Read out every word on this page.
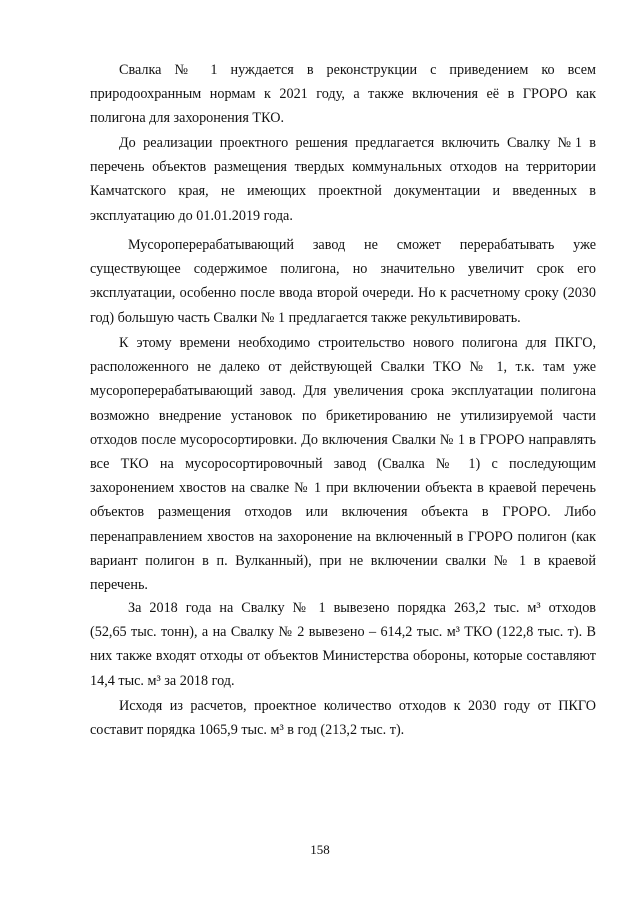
Свалка № 1 нуждается в реконструкции с приведением ко всем
природоохранным нормам к 2021 году, а также включения её в ГРОРО как
полигона для захоронения ТКО.
До реализации проектного решения предлагается включить Свалку №1 в
перечень объектов размещения твердых коммунальных отходов на территории
Камчатского края, не имеющих проектной документации и введенных в
эксплуатацию до 01.01.2019 года.
Мусороперерабатывающий завод не сможет перерабатывать уже
существующее содержимое полигона, но значительно увеличит срок его
эксплуатации, особенно после ввода второй очереди. Но к расчетному сроку (2030
год) большую часть Свалки № 1 предлагается также рекультивировать.
К этому времени необходимо строительство нового полигона для ПКГО,
расположенного не далеко от действующей Свалки ТКО № 1, т.к. там уже
мусороперерабатывающий завод. Для увеличения срока эксплуатации полигона
возможно внедрение установок по брикетированию не утилизируемой части
отходов после мусоросортировки. До включения Свалки № 1 в ГРОРО направлять
все ТКО на мусоросортировочный завод (Свалка № 1) с последующим
захоронением хвостов на свалке № 1 при включении объекта в краевой перечень
объектов размещения отходов или включения объекта в ГРОРО. Либо
перенаправлением хвостов на захоронение на включенный в ГРОРО полигон (как
вариант полигон в п. Вулканный), при не включении свалки № 1 в краевой
перечень.
За 2018 года на Свалку № 1 вывезено порядка 263,2 тыс. м³ отходов
(52,65 тыс. тонн), а на Свалку № 2 вывезено – 614,2 тыс. м³ ТКО (122,8 тыс. т). В
них также входят отходы от объектов Министерства обороны, которые составляют
14,4 тыс. м³ за 2018 год.
Исходя из расчетов, проектное количество отходов к 2030 году от ПКГО
составит порядка 1065,9 тыс. м³ в год (213,2 тыс. т).
158
